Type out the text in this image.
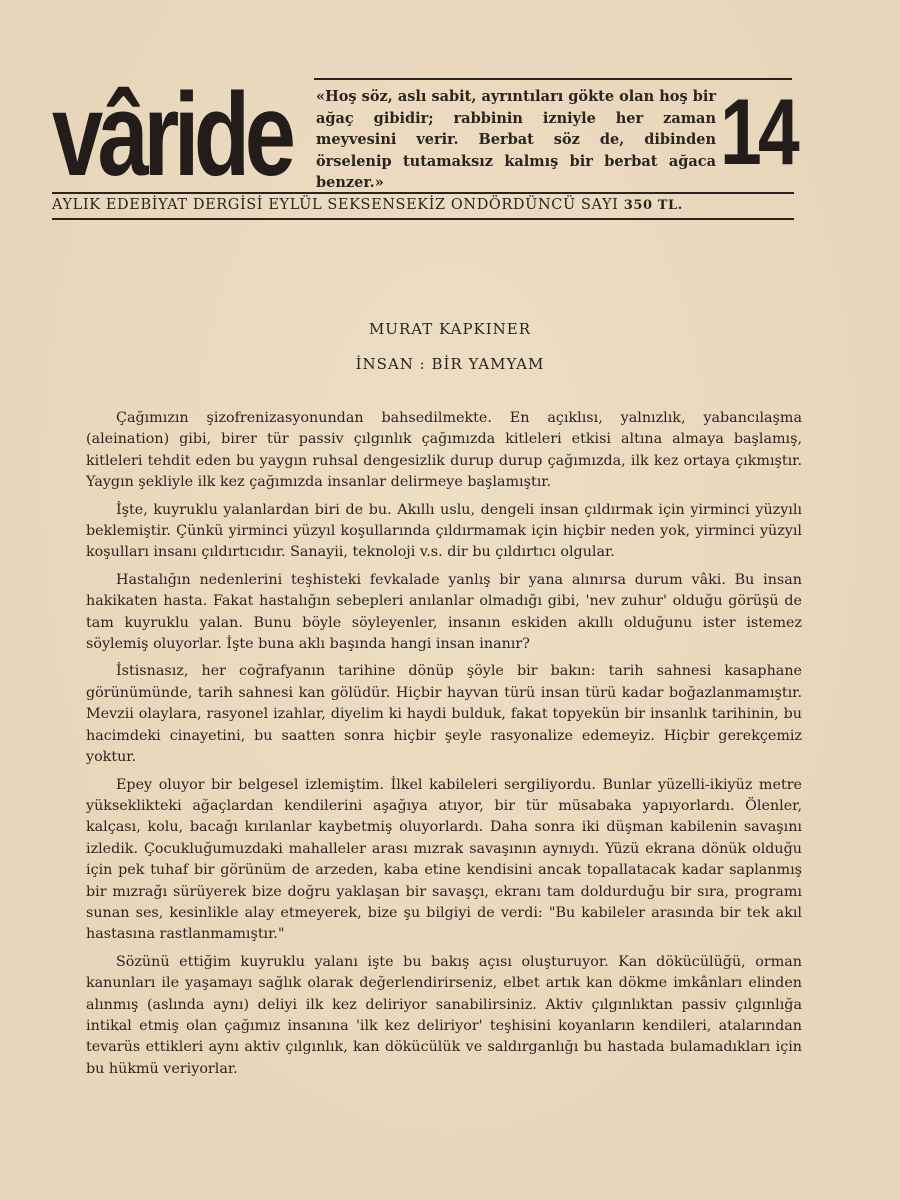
vâride «Hoş söz, aslı sabit, ayrıntıları gökte olan hoş bir ağaç gibidir; rabbinin izniyle her zaman meyvesini verir. Berbat söz de, dibinden örselenip tutamaksız kalmış bir berbat ağaca benzer.»	14
AYLIK EDEBİYAT DERGİSİ EYLÜL SEKSENSEKİZ ONDÖRDÜNCÜ SAYI 350 TL.
MURAT KAPKINER
İNSAN : BİR YAMYAM

Çağımızın şizofrenizasyonundan bahsedilmekte. En açıklısı, yalnızlık, yabancılaşma (aleination) gibi, birer tür passiv çılgınlık çağımızda kitleleri etkisi altına almaya başlamış, kitleleri tehdit eden bu yaygın ruhsal dengesizlik durup durup çağımızda, ilk kez ortaya çıkmıştır. Yaygın şekliyle ilk kez çağımızda insanlar delirmeye başlamıştır.

İşte, kuyruklu yalanlardan biri de bu. Akıllı uslu, dengeli insan çıldırmak için yirminci yüzyılı beklemiştir. Çünkü yirminci yüzyıl koşullarında çıldırmamak için hiçbir neden yok, yirminci yüzyıl koşulları insanı çıldırtıcıdır. Sanayii, teknoloji v.s. dir bu çıldırtıcı olgular.

Hastalığın nedenlerini teşhisteki fevkalade yanlış bir yana alınırsa durum vâki. Bu insan hakikaten hasta. Fakat hastalığın sebepleri anılanlar olmadığı gibi, 'nev zuhur' olduğu görüşü de tam kuyruklu yalan. Bunu böyle söyleyenler, insanın eskiden akıllı olduğunu ister istemez söylemiş oluyorlar. İşte buna aklı başında hangi insan inanır?

İstisnasız, her coğrafyanın tarihine dönüp şöyle bir bakın: tarih sahnesi kasaphane görünümünde, tarih sahnesi kan gölüdür. Hiçbir hayvan türü insan türü kadar boğazlanmamıştır. Mevzii olaylara, rasyonel izahlar, diyelim ki haydi bulduk, fakat topyekün bir insanlık tarihinin, bu hacimdeki cinayetini, bu saatten sonra hiçbir şeyle rasyonalize edemeyiz. Hiçbir gerekçemiz yoktur.

Epey oluyor bir belgesel izlemiştim. İlkel kabileleri sergiliyordu. Bunlar yüzelli-ikiyüz metre yükseklikteki ağaçlardan kendilerini aşağıya atıyor, bir tür müsabaka yapıyorlardı. Ölenler, kalçası, kolu, bacağı kırılanlar kaybetmiş oluyorlardı. Daha sonra iki düşman kabilenin savaşını izledik. Çocukluğumuzdaki mahalleler arası mızrak savaşının aynıydı. Yüzü ekrana dönük olduğu için pek tuhaf bir görünüm de arzeden, kaba etine kendisini ancak topallatacak kadar saplanmış bir mızrağı sürüyerek bize doğru yaklaşan bir savaşçı, ekranı tam doldurduğu bir sıra, programı sunan ses, kesinlikle alay etmeyerek, bize şu bilgiyi de verdi: "Bu kabileler arasında bir tek akıl hastasına rastlanmamıştır."

Sözünü ettiğim kuyruklu yalanı işte bu bakış açısı oluşturuyor. Kan dökücülüğü, orman kanunları ile yaşamayı sağlık olarak değerlendirirseniz, elbet artık kan dökme imkânları elinden alınmış (aslında aynı) deliyi ilk kez deliriyor sanabilirsiniz. Aktiv çılgınlıktan passiv çılgınlığa intikal etmiş olan çağımız insanına 'ilk kez deliriyor' teşhisini koyanların kendileri, atalarından tevarüs ettikleri aynı aktiv çılgınlık, kan dökücülük ve saldırganlığı bu hastada bulamadıkları için bu hükmü veriyorlar.
